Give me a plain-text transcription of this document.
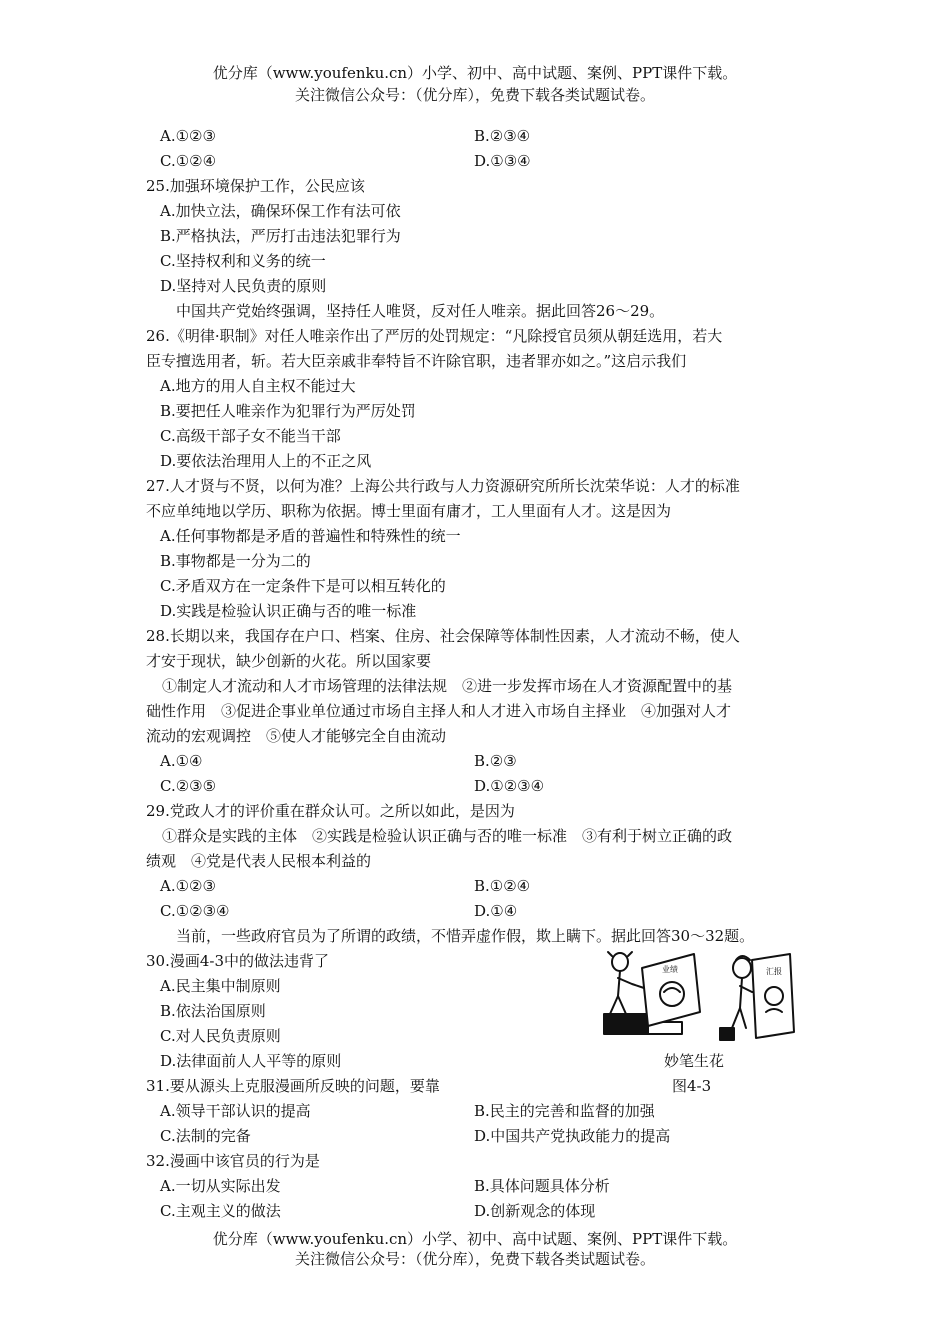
优分库（www.youfenku.cn）小学、初中、高中试题、案例、PPT课件下载。
关注微信公众号：（优分库），免费下载各类试题试卷。
A.①②③	B.②③④
C.①②④	D.①③④
25.加强环境保护工作，公民应该
A.加快立法，确保环保工作有法可依
B.严格执法，严厉打击违法犯罪行为
C.坚持权利和义务的统一
D.坚持对人民负责的原则
中国共产党始终强调，坚持任人唯贤，反对任人唯亲。据此回答26～29。
26.《明律·职制》对任人唯亲作出了严厉的处罚规定：“凡除授官员须从朝廷选用，若大
臣专擅选用者，斩。若大臣亲戚非奉特旨不许除官职，违者罪亦如之。”这启示我们
A.地方的用人自主权不能过大
B.要把任人唯亲作为犯罪行为严厉处罚
C.高级干部子女不能当干部
D.要依法治理用人上的不正之风
27.人才贤与不贤，以何为准？上海公共行政与人力资源研究所所长沈荣华说：人才的标准
不应单纯地以学历、职称为依据。博士里面有庸才，工人里面有人才。这是因为
A.任何事物都是矛盾的普遍性和特殊性的统一
B.事物都是一分为二的
C.矛盾双方在一定条件下是可以相互转化的
D.实践是检验认识正确与否的唯一标准
28.长期以来，我国存在户口、档案、住房、社会保障等体制性因素，人才流动不畅，使人
才安于现状，缺少创新的火花。所以国家要
①制定人才流动和人才市场管理的法律法规　②进一步发挥市场在人才资源配置中的基
础性作用　③促进企事业单位通过市场自主择人和人才进入市场自主择业　④加强对人才
流动的宏观调控　⑤使人才能够完全自由流动
A.①④	B.②③
C.②③⑤	D.①②③④
29.党政人才的评价重在群众认可。之所以如此，是因为
①群众是实践的主体　②实践是检验认识正确与否的唯一标准　③有利于树立正确的政
绩观　④党是代表人民根本利益的
A.①②③	B.①②④
C.①②③④	D.①④
当前，一些政府官员为了所谓的政绩，不惜弄虚作假，欺上瞒下。据此回答30～32题。
30.漫画4-3中的做法违背了
A.民主集中制原则
B.依法治国原则
C.对人民负责原则
D.法律面前人人平等的原则
业绩	汇报
妙笔生花
图4-3
31.要从源头上克服漫画所反映的问题，要靠
A.领导干部认识的提高	B.民主的完善和监督的加强
C.法制的完备	D.中国共产党执政能力的提高
32.漫画中该官员的行为是
A.一切从实际出发	B.具体问题具体分析
C.主观主义的做法	D.创新观念的体现
优分库（www.youfenku.cn）小学、初中、高中试题、案例、PPT课件下载。
关注微信公众号：（优分库），免费下载各类试题试卷。
